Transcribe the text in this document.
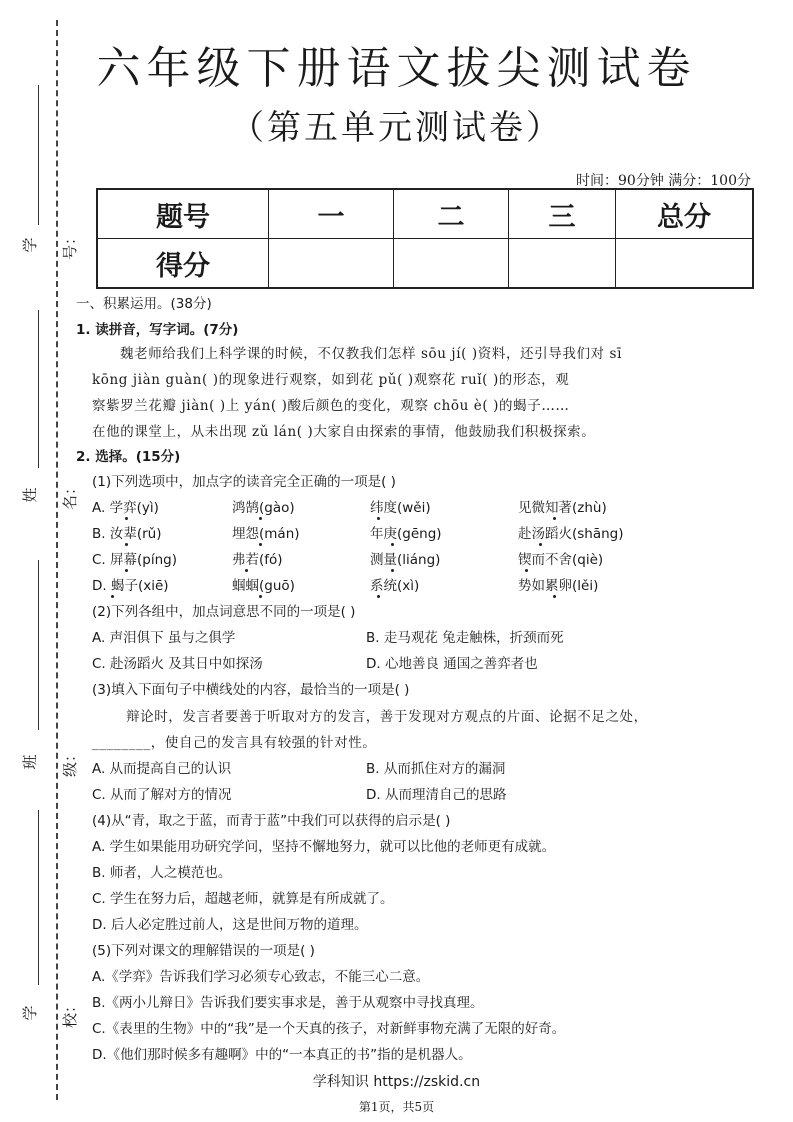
学号：
姓名：
班级：
学校：
六年级下册语文拔尖测试卷
（第五单元测试卷）
时间：90分钟 满分：100分
题号	一	二	三	总分
得分				
一、积累运用。(38分)
1. 读拼音，写字词。(7分)
魏老师给我们上科学课的时候，不仅教我们怎样 sōu jí( )资料，还引导我们对 sī
kōng jiàn guàn( )的现象进行观察，如到花 pǔ( )观察花 ruǐ( )的形态，观
察紫罗兰花瓣 jiàn( )上 yán( )酸后颜色的变化，观察 chōu è( )的蝎子……
在他的课堂上，从未出现 zǔ lán( )大家自由探索的事情，他鼓励我们积极探索。
2. 选择。(15分)
(1)下列选项中，加点字的读音完全正确的一项是( )
A. 学弈(yì)	鸿鹄(gào)	纬度(wěi)	见微知著(zhù)
B. 汝辈(rǔ)	埋怨(mán)	年庚(gēng)	赴汤蹈火(shāng)
C. 屏幕(píng)	弗若(fó)	测量(liáng)	锲而不舍(qiè)
D. 蝎子(xiē)	蝈蝈(guō)	系统(xì)	势如累卵(lěi)
(2)下列各组中，加点词意思不同的一项是( )
A. 声泪俱下 虽与之俱学	B. 走马观花 兔走触株，折颈而死
C. 赴汤蹈火 及其日中如探汤	D. 心地善良 通国之善弈者也
(3)填入下面句子中横线处的内容，最恰当的一项是( )
辩论时，发言者要善于听取对方的发言，善于发现对方观点的片面、论据不足之处，
________，使自己的发言具有较强的针对性。
A. 从而提高自己的认识	B. 从而抓住对方的漏洞
C. 从而了解对方的情况	D. 从而理清自己的思路
(4)从“青，取之于蓝，而青于蓝”中我们可以获得的启示是( )
A. 学生如果能用功研究学问，坚持不懈地努力，就可以比他的老师更有成就。
B. 师者，人之模范也。
C. 学生在努力后，超越老师，就算是有所成就了。
D. 后人必定胜过前人，这是世间万物的道理。
(5)下列对课文的理解错误的一项是( )
A.《学弈》告诉我们学习必须专心致志，不能三心二意。
B.《两小儿辩日》告诉我们要实事求是，善于从观察中寻找真理。
C.《表里的生物》中的“我”是一个天真的孩子，对新鲜事物充满了无限的好奇。
D.《他们那时候多有趣啊》中的“一本真正的书”指的是机器人。
学科知识 https://zskid.cn
第1页，共5页
